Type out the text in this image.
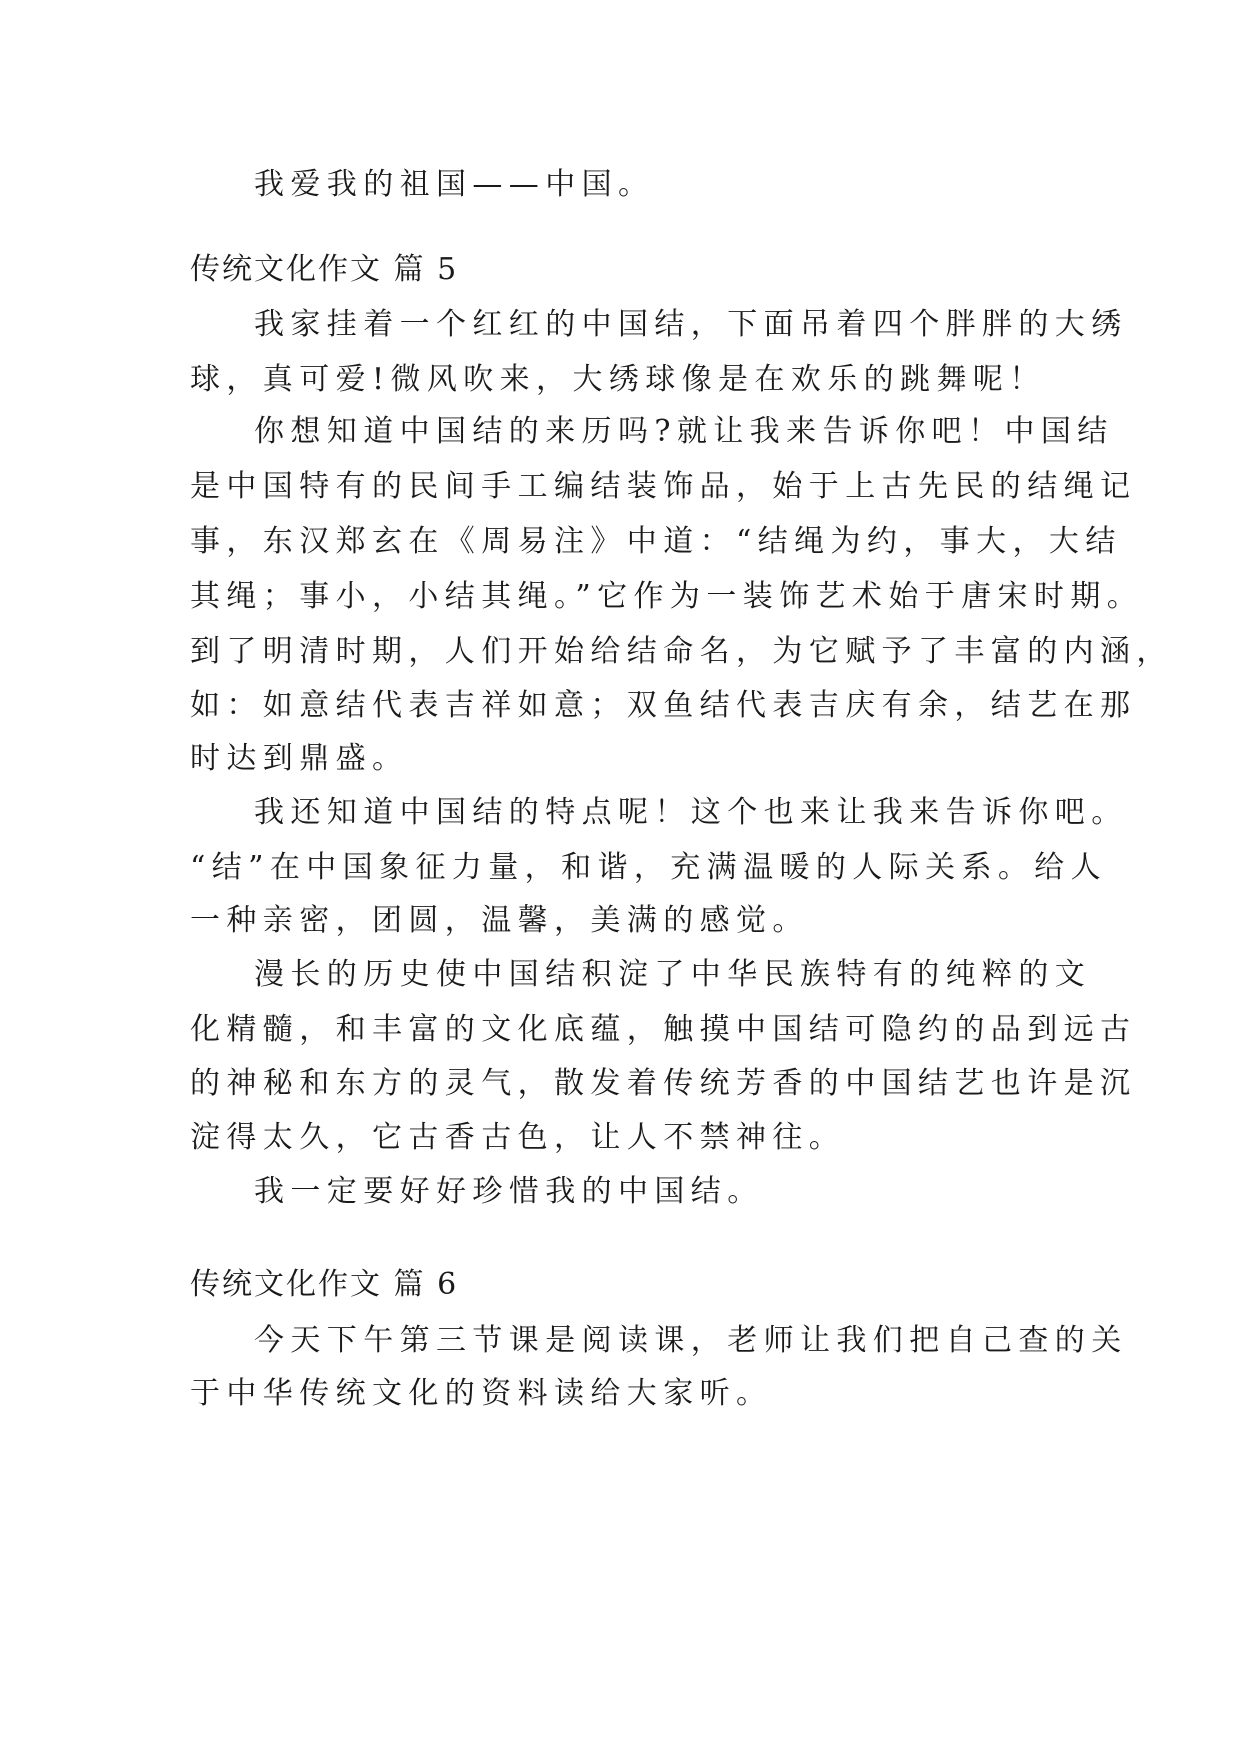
我爱我的祖国——中国。
传统文化作文 篇 5
我家挂着一个红红的中国结，下面吊着四个胖胖的大绣
球，真可爱!微风吹来，大绣球像是在欢乐的跳舞呢！
你想知道中国结的来历吗?就让我来告诉你吧！中国结
是中国特有的民间手工编结装饰品，始于上古先民的结绳记
事，东汉郑玄在《周易注》中道：“结绳为约，事大，大结
其绳；事小，小结其绳。”它作为一装饰艺术始于唐宋时期。
到了明清时期，人们开始给结命名，为它赋予了丰富的内涵，
如：如意结代表吉祥如意；双鱼结代表吉庆有余，结艺在那
时达到鼎盛。
我还知道中国结的特点呢！这个也来让我来告诉你吧。
“结”在中国象征力量，和谐，充满温暖的人际关系。给人
一种亲密，团圆，温馨，美满的感觉。
漫长的历史使中国结积淀了中华民族特有的纯粹的文
化精髓，和丰富的文化底蕴，触摸中国结可隐约的品到远古
的神秘和东方的灵气，散发着传统芳香的中国结艺也许是沉
淀得太久，它古香古色，让人不禁神往。
我一定要好好珍惜我的中国结。
传统文化作文 篇 6
今天下午第三节课是阅读课，老师让我们把自己查的关
于中华传统文化的资料读给大家听。
